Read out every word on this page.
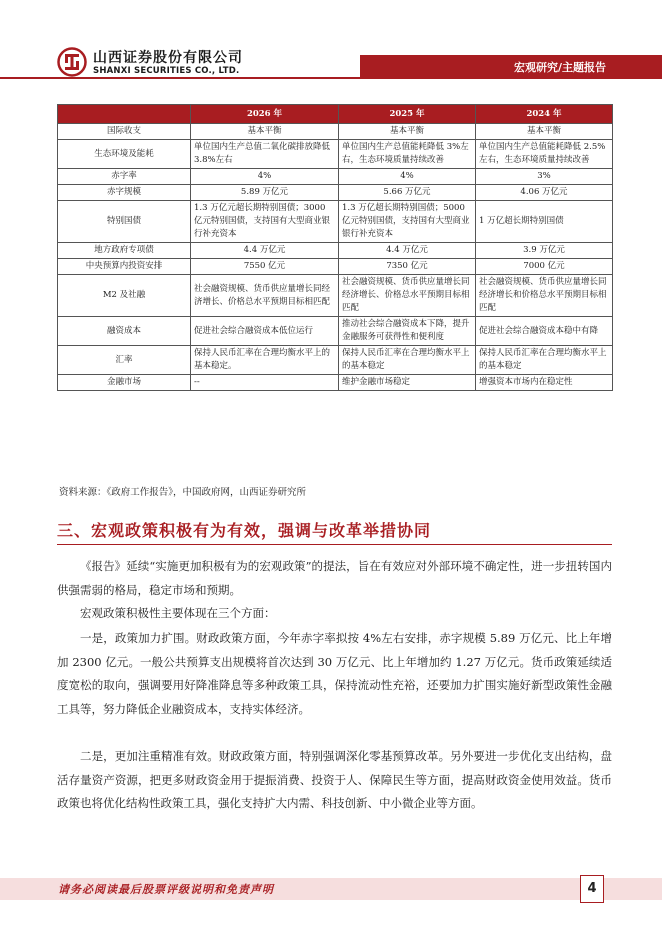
山西证券股份有限公司
SHANXI SECURITIES CO., LTD.	宏观研究/主题报告
	2026 年	2025 年	2024 年
国际收支	基本平衡	基本平衡	基本平衡
生态环境及能耗	单位国内生产总值二氧化碳排放降低 3.8%左右	单位国内生产总值能耗降低 3%左右，生态环境质量持续改善	单位国内生产总值能耗降低 2.5%左右，生态环境质量持续改善
赤字率	4%	4%	3%
赤字规模	5.89 万亿元	5.66 万亿元	4.06 万亿元
特别国债	1.3 万亿元超长期特别国债；3000 亿元特别国债，支持国有大型商业银行补充资本	1.3 万亿超长期特别国债；5000 亿元特别国债，支持国有大型商业银行补充资本	1 万亿超长期特别国债
地方政府专项债	4.4 万亿元	4.4 万亿元	3.9 万亿元
中央预算内投资安排	7550 亿元	7350 亿元	7000 亿元
M2 及社融	社会融资规模、货币供应量增长同经济增长、价格总水平预期目标相匹配	社会融资规模、货币供应量增长同经济增长、价格总水平预期目标相匹配	社会融资规模、货币供应量增长同经济增长和价格总水平预期目标相匹配
融资成本	促进社会综合融资成本低位运行	推动社会综合融资成本下降，提升金融服务可获得性和便利度	促进社会综合融资成本稳中有降
汇率	保持人民币汇率在合理均衡水平上的基本稳定。	保持人民币汇率在合理均衡水平上的基本稳定	保持人民币汇率在合理均衡水平上的基本稳定
金融市场	--	维护金融市场稳定	增强资本市场内在稳定性
资料来源：《政府工作报告》，中国政府网，山西证券研究所
三、宏观政策积极有为有效，强调与改革举措协同
《报告》延续“实施更加积极有为的宏观政策”的提法，旨在有效应对外部环境不确定性，进一步扭转国内供强需弱的格局，稳定市场和预期。
宏观政策积极性主要体现在三个方面：
一是，政策加力扩围。财政政策方面，今年赤字率拟按 4%左右安排，赤字规模 5.89 万亿元、比上年增加 2300 亿元。一般公共预算支出规模将首次达到 30 万亿元、比上年增加约 1.27 万亿元。货币政策延续适度宽松的取向，强调要用好降准降息等多种政策工具，保持流动性充裕，还要加力扩围实施好新型政策性金融工具等，努力降低企业融资成本，支持实体经济。
二是，更加注重精准有效。财政政策方面，特别强调深化零基预算改革。另外要进一步优化支出结构，盘活存量资产资源，把更多财政资金用于提振消费、投资于人、保障民生等方面，提高财政资金使用效益。货币政策也将优化结构性政策工具，强化支持扩大内需、科技创新、中小微企业等方面。
请务必阅读最后股票评级说明和免责声明	4
